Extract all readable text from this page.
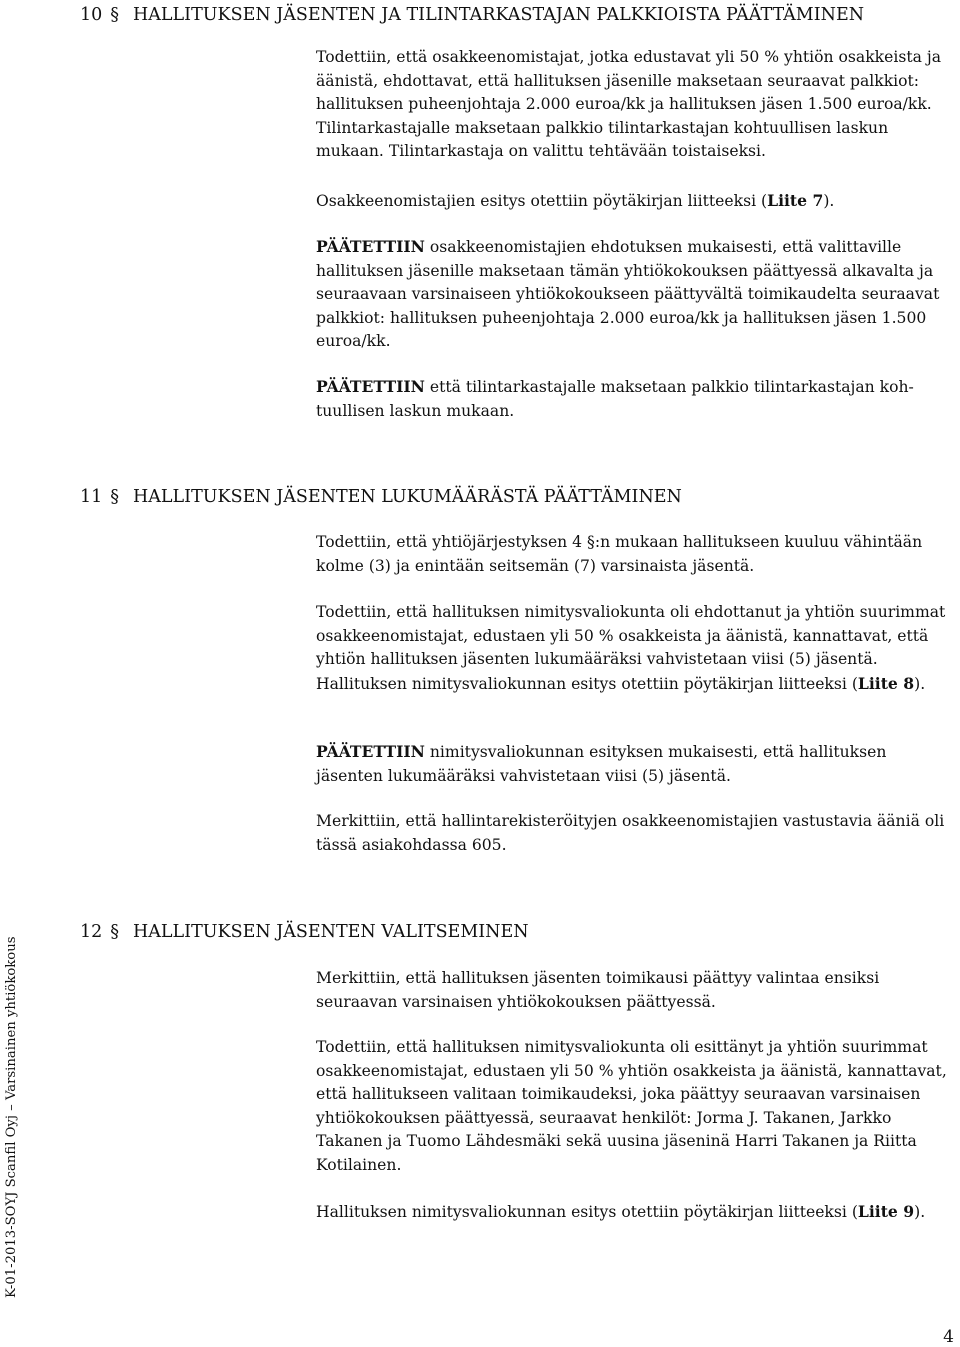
10 § HALLITUKSEN JÄSENTEN JA TILINTARKASTAJAN PALKKIOISTA PÄÄTTÄMINEN

Todettiin, että osakkeenomistajat, jotka edustavat yli 50 % yhtiön osakkeista ja äänistä, ehdottavat, että hallituksen jäsenille maksetaan seuraavat palkkiot: hallituksen puheenjohtaja 2.000 euroa/kk ja hallituksen jäsen 1.500 euroa/kk. Tilintarkastajalle maksetaan palkkio tilintarkastajan kohtuullisen laskun mukaan. Tilintarkastaja on valittu tehtävään toistaiseksi.

Osakkeenomistajien esitys otettiin pöytäkirjan liitteeksi (Liite 7).

PÄÄTETTIIN osakkeenomistajien ehdotuksen mukaisesti, että valittaville hallituksen jäsenille maksetaan tämän yhtiökokouksen päättyessä alkavalta ja seuraavaan varsinaiseen yhtiökokoukseen päättyvältä toimikaudelta seuraavat palkkiot: hallituksen puheenjohtaja 2.000 euroa/kk ja hallituksen jäsen 1.500 euroa/kk.

PÄÄTETTIIN että tilintarkastajalle maksetaan palkkio tilintarkastajan koh-tuullisen laskun mukaan.

11 § HALLITUKSEN JÄSENTEN LUKUMÄÄRÄSTÄ PÄÄTTÄMINEN

Todettiin, että yhtiöjärjestyksen 4 §:n mukaan hallitukseen kuuluu vähintään kolme (3) ja enintään seitsemän (7) varsinaista jäsentä.

Todettiin, että hallituksen nimitysvaliokunta oli ehdottanut ja yhtiön suurimmat osakkeenomistajat, edustaen yli 50 % osakkeista ja äänistä, kannattavat, että yhtiön hallituksen jäsenten lukumääräksi vahvistetaan viisi (5) jäsentä. Hallituksen nimitysvaliokunnan esitys otettiin pöytäkirjan liitteeksi (Liite 8).

PÄÄTETTIIN nimitysvaliokunnan esityksen mukaisesti, että hallituksen jäsenten lukumääräksi vahvistetaan viisi (5) jäsentä.

Merkittiin, että hallintarekisteröityjen osakkeenomistajien vastustavia ääniä oli tässä asiakohdassa 605.

12 § HALLITUKSEN JÄSENTEN VALITSEMINEN

Merkittiin, että hallituksen jäsenten toimikausi päättyy valintaa ensiksi seuraavan varsinaisen yhtiökokouksen päättyessä.

Todettiin, että hallituksen nimitysvaliokunta oli esittänyt ja yhtiön suurimmat osakkeenomistajat, edustaen yli 50 % yhtiön osakkeista ja äänistä, kannattavat, että hallitukseen valitaan toimikaudeksi, joka päättyy seuraavan varsinaisen yhtiökokouksen päättyessä, seuraavat henkilöt: Jorma J. Takanen, Jarkko Takanen ja Tuomo Lähdesmäki sekä uusina jäseninä Harri Takanen ja Riitta Kotilainen.

Hallituksen nimitysvaliokunnan esitys otettiin pöytäkirjan liitteeksi (Liite 9).

K-01-2013-SOYJ Scanfil Oyj – Varsinainen yhtiökokous
4
